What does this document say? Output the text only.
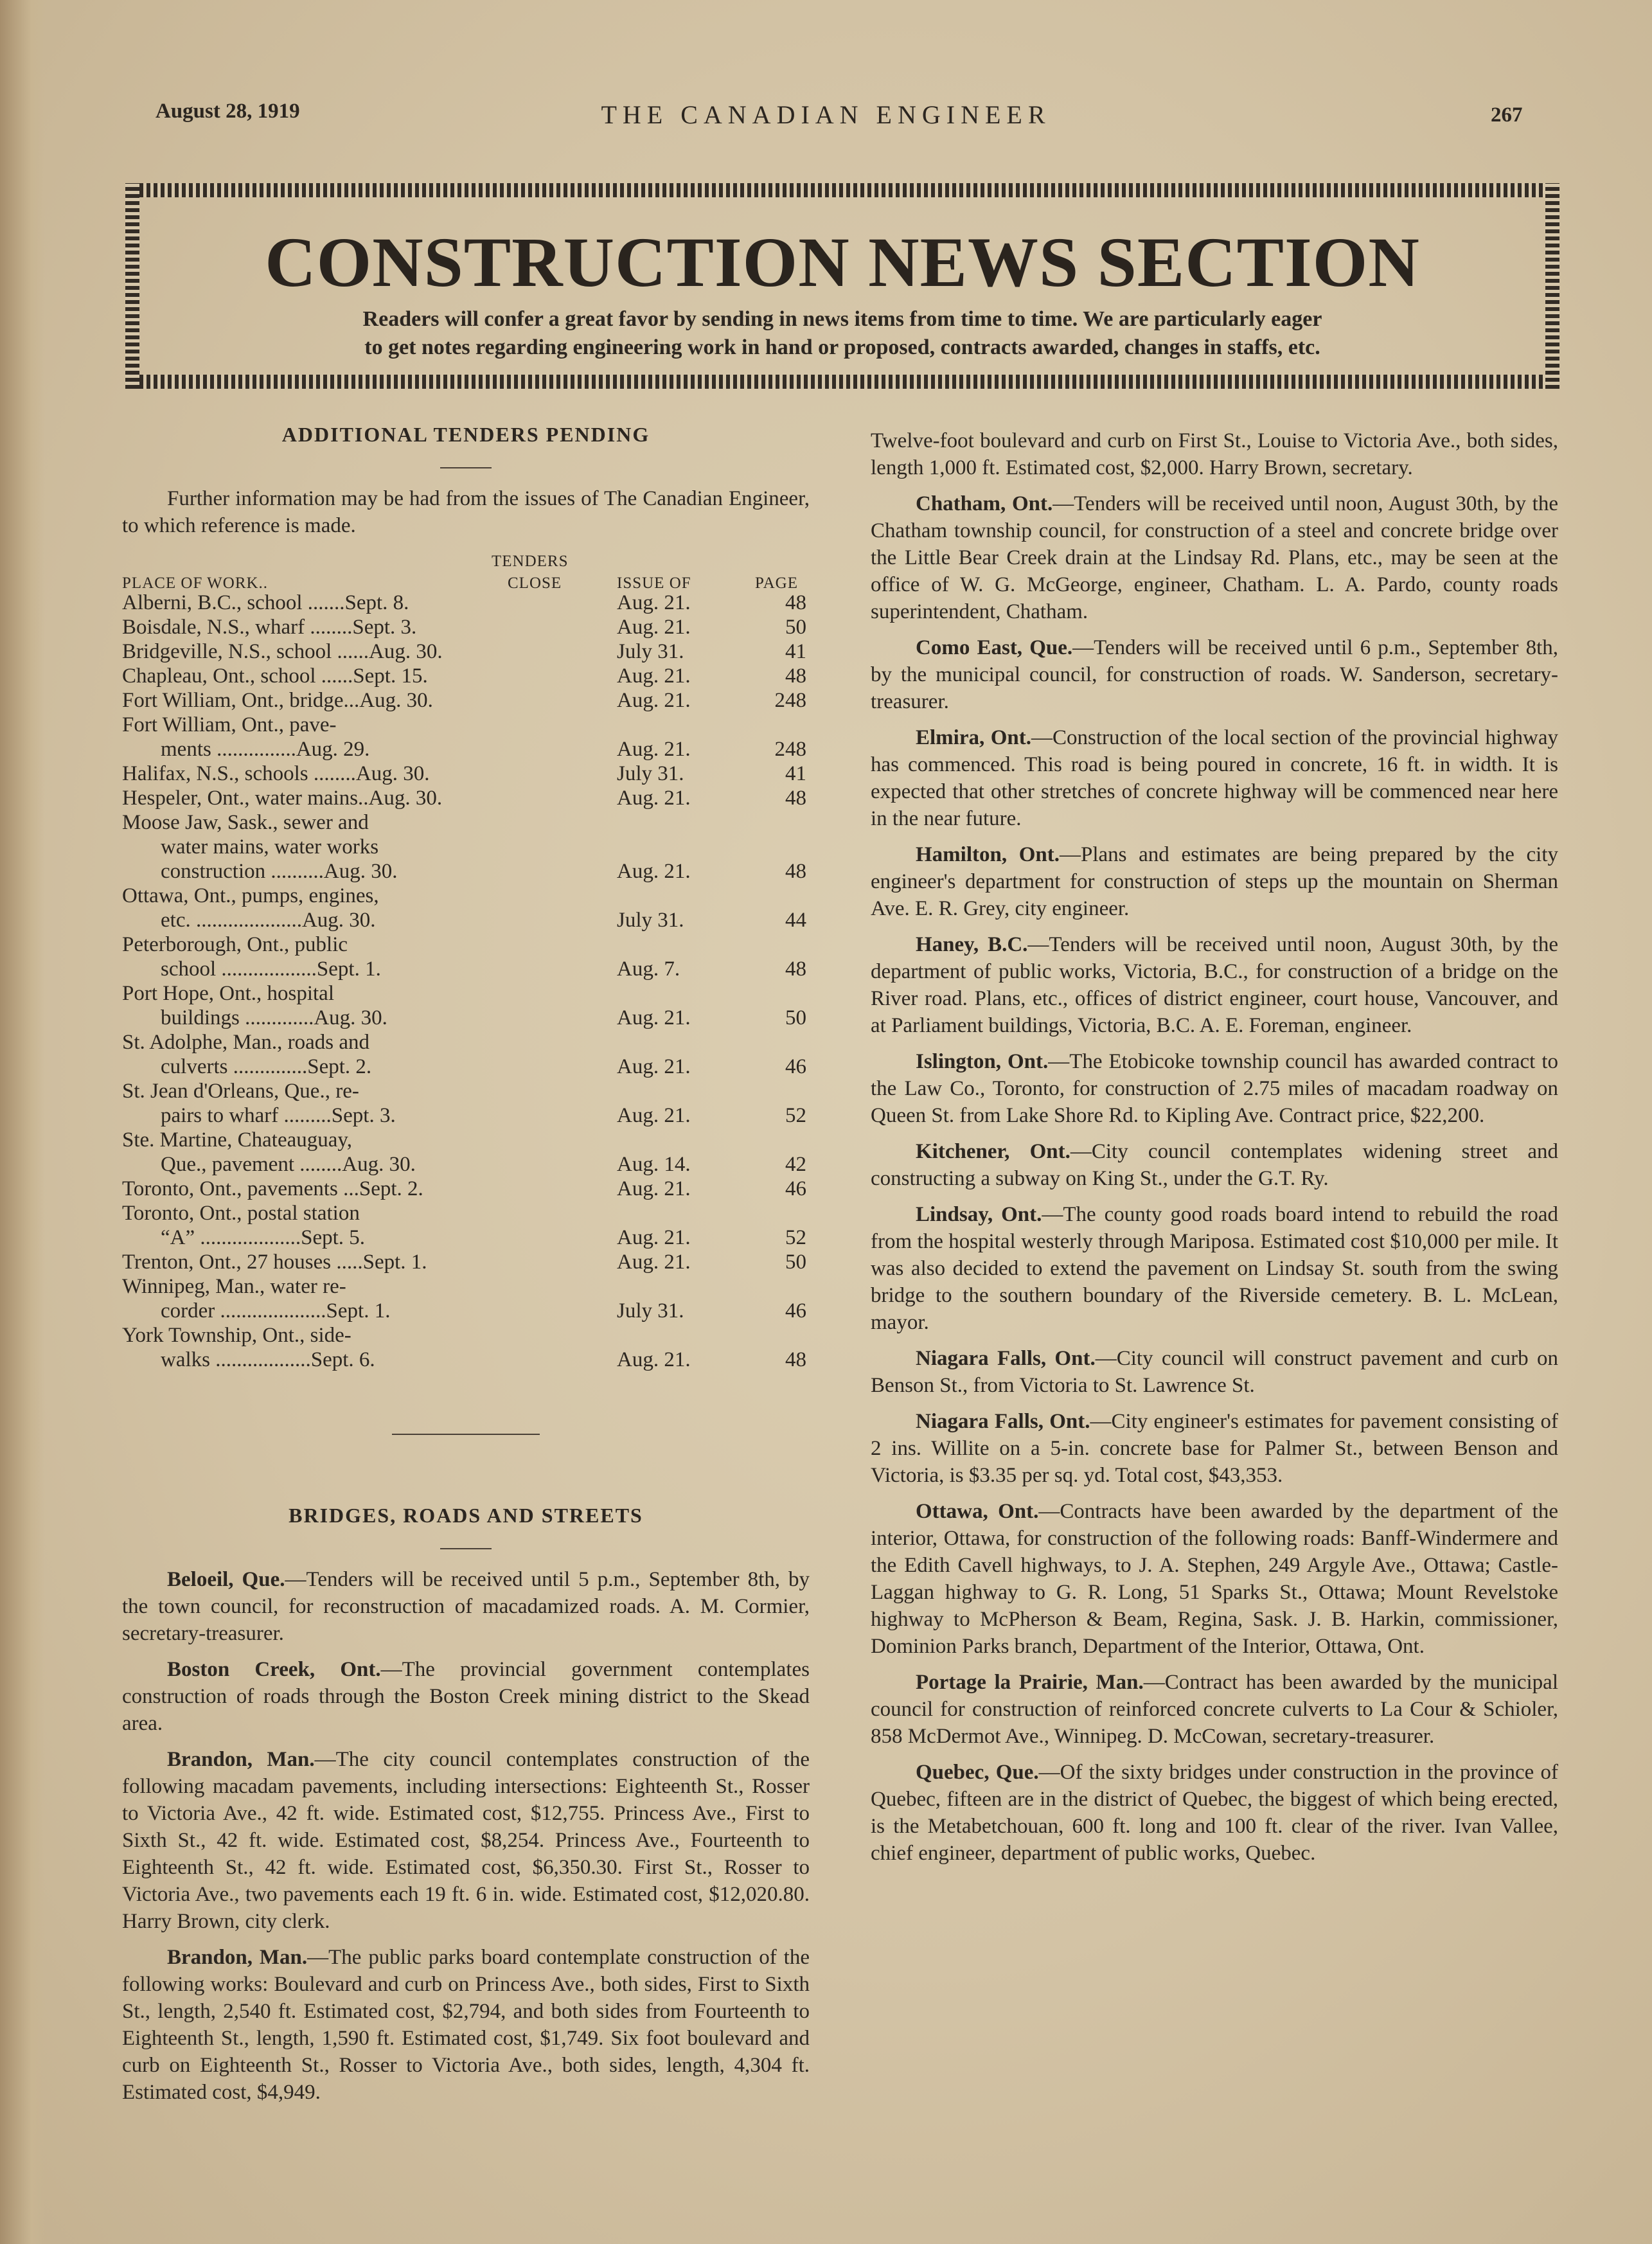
August 28, 1919	THE CANADIAN ENGINEER	267
CONSTRUCTION NEWS SECTION
Readers will confer a great favor by sending in news items from time to time. We are particularly eager
to get notes regarding engineering work in hand or proposed, contracts awarded, changes in staffs, etc.
ADDITIONAL TENDERS PENDING

Further information may be had from the issues of The Canadian Engineer, to which reference is made.

TENDERS
PLACE OF WORK..	CLOSE	ISSUE OF	PAGE
Alberni, B.C., school .......Sept. 8.	Aug. 21.	48
Boisdale, N.S., wharf ........Sept. 3.	Aug. 21.	50
Bridgeville, N.S., school ......Aug. 30.	July 31.	41
Chapleau, Ont., school ......Sept. 15.	Aug. 21.	48
Fort William, Ont., bridge...Aug. 30.	Aug. 21.	248
Fort William, Ont., pave-
ments ...............Aug. 29.	Aug. 21.	248
Halifax, N.S., schools ........Aug. 30.	July 31.	41
Hespeler, Ont., water mains..Aug. 30.	Aug. 21.	48
Moose Jaw, Sask., sewer and
water mains, water works
construction ..........Aug. 30.	Aug. 21.	48
Ottawa, Ont., pumps, engines,
etc. ....................Aug. 30.	July 31.	44
Peterborough, Ont., public
school ..................Sept. 1.	Aug. 7.	48
Port Hope, Ont., hospital
buildings .............Aug. 30.	Aug. 21.	50
St. Adolphe, Man., roads and
culverts ..............Sept. 2.	Aug. 21.	46
St. Jean d'Orleans, Que., re-
pairs to wharf .........Sept. 3.	Aug. 21.	52
Ste. Martine, Chateauguay,
Que., pavement ........Aug. 30.	Aug. 14.	42
Toronto, Ont., pavements ...Sept. 2.	Aug. 21.	46
Toronto, Ont., postal station
“A” ...................Sept. 5.	Aug. 21.	52
Trenton, Ont., 27 houses .....Sept. 1.	Aug. 21.	50
Winnipeg, Man., water re-
corder ....................Sept. 1.	July 31.	46
York Township, Ont., side-
walks ..................Sept. 6.	Aug. 21.	48
BRIDGES, ROADS AND STREETS

Beloeil, Que.—Tenders will be received until 5 p.m., September 8th, by the town council, for reconstruction of macadamized roads. A. M. Cormier, secretary-treasurer.

Boston Creek, Ont.—The provincial government contemplates construction of roads through the Boston Creek mining district to the Skead area.

Brandon, Man.—The city council contemplates construction of the following macadam pavements, including intersections: Eighteenth St., Rosser to Victoria Ave., 42 ft. wide. Estimated cost, $12,755. Princess Ave., First to Sixth St., 42 ft. wide. Estimated cost, $8,254. Princess Ave., Fourteenth to Eighteenth St., 42 ft. wide. Estimated cost, $6,350.30. First St., Rosser to Victoria Ave., two pavements each 19 ft. 6 in. wide. Estimated cost, $12,020.80. Harry Brown, city clerk.

Brandon, Man.—The public parks board contemplate construction of the following works: Boulevard and curb on Princess Ave., both sides, First to Sixth St., length, 2,540 ft. Estimated cost, $2,794, and both sides from Fourteenth to Eighteenth St., length, 1,590 ft. Estimated cost, $1,749. Six foot boulevard and curb on Eighteenth St., Rosser to Victoria Ave., both sides, length, 4,304 ft. Estimated cost, $4,949.

Twelve-foot boulevard and curb on First St., Louise to Victoria Ave., both sides, length 1,000 ft. Estimated cost, $2,000. Harry Brown, secretary.

Chatham, Ont.—Tenders will be received until noon, August 30th, by the Chatham township council, for construction of a steel and concrete bridge over the Little Bear Creek drain at the Lindsay Rd. Plans, etc., may be seen at the office of W. G. McGeorge, engineer, Chatham. L. A. Pardo, county roads superintendent, Chatham.

Como East, Que.—Tenders will be received until 6 p.m., September 8th, by the municipal council, for construction of roads. W. Sanderson, secretary-treasurer.

Elmira, Ont.—Construction of the local section of the provincial highway has commenced. This road is being poured in concrete, 16 ft. in width. It is expected that other stretches of concrete highway will be commenced near here in the near future.

Hamilton, Ont.—Plans and estimates are being prepared by the city engineer's department for construction of steps up the mountain on Sherman Ave. E. R. Grey, city engineer.

Haney, B.C.—Tenders will be received until noon, August 30th, by the department of public works, Victoria, B.C., for construction of a bridge on the River road. Plans, etc., offices of district engineer, court house, Vancouver, and at Parliament buildings, Victoria, B.C. A. E. Foreman, engineer.

Islington, Ont.—The Etobicoke township council has awarded contract to the Law Co., Toronto, for construction of 2.75 miles of macadam roadway on Queen St. from Lake Shore Rd. to Kipling Ave. Contract price, $22,200.

Kitchener, Ont.—City council contemplates widening street and constructing a subway on King St., under the G.T. Ry.

Lindsay, Ont.—The county good roads board intend to rebuild the road from the hospital westerly through Mariposa. Estimated cost $10,000 per mile. It was also decided to extend the pavement on Lindsay St. south from the swing bridge to the southern boundary of the Riverside cemetery. B. L. McLean, mayor.

Niagara Falls, Ont.—City council will construct pavement and curb on Benson St., from Victoria to St. Lawrence St.

Niagara Falls, Ont.—City engineer's estimates for pavement consisting of 2 ins. Willite on a 5-in. concrete base for Palmer St., between Benson and Victoria, is $3.35 per sq. yd. Total cost, $43,353.

Ottawa, Ont.—Contracts have been awarded by the department of the interior, Ottawa, for construction of the following roads: Banff-Windermere and the Edith Cavell highways, to J. A. Stephen, 249 Argyle Ave., Ottawa; Castle-Laggan highway to G. R. Long, 51 Sparks St., Ottawa; Mount Revelstoke highway to McPherson & Beam, Regina, Sask. J. B. Harkin, commissioner, Dominion Parks branch, Department of the Interior, Ottawa, Ont.

Portage la Prairie, Man.—Contract has been awarded by the municipal council for construction of reinforced concrete culverts to La Cour & Schioler, 858 McDermot Ave., Winnipeg. D. McCowan, secretary-treasurer.

Quebec, Que.—Of the sixty bridges under construction in the province of Quebec, fifteen are in the district of Quebec, the biggest of which being erected, is the Metabetchouan, 600 ft. long and 100 ft. clear of the river. Ivan Vallee, chief engineer, department of public works, Quebec.
